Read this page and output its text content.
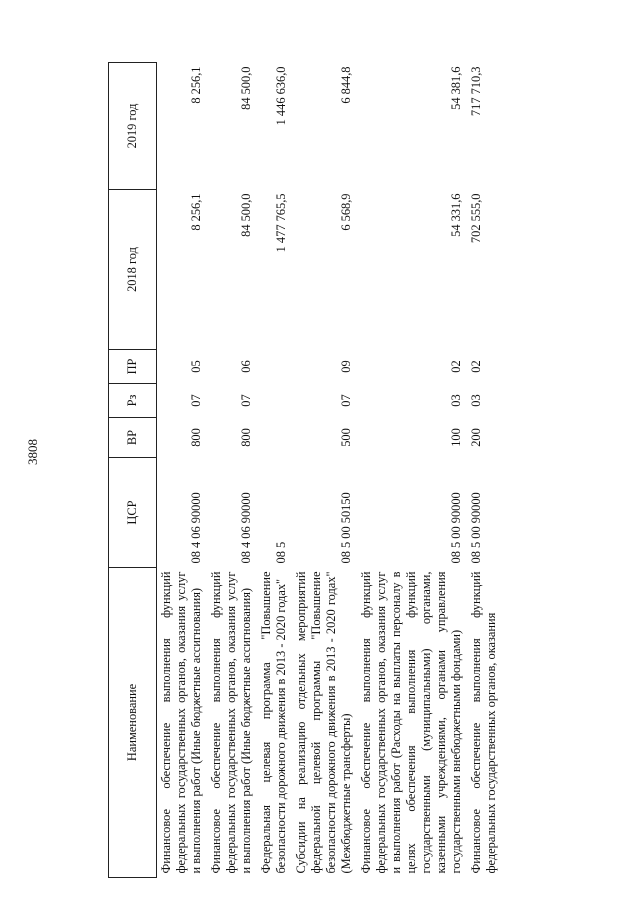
3808
Наименование	ЦСР	ВР	Рз	ПР	2018 год	2019 год
Финансовое обеспечение выполнения функций федеральных государственных органов, оказания услуг и выполнения работ (Иные бюджетные ассигнования)	08 4 06 90000	800	07	05	8 256,1	8 256,1
Финансовое обеспечение выполнения функций федеральных государственных органов, оказания услуг и выполнения работ (Иные бюджетные ассигнования)	08 4 06 90000	800	07	06	84 500,0	84 500,0
Федеральная целевая программа "Повышение безопасности дорожного движения в 2013 - 2020 годах"	08 5				1 477 765,5	1 446 636,0
Субсидии на реализацию отдельных мероприятий федеральной целевой программы "Повышение безопасности дорожного движения в 2013 - 2020 годах" (Межбюджетные трансферты)	08 5 00 50150	500	07	09	6 568,9	6 844,8
Финансовое обеспечение выполнения функций федеральных государственных органов, оказания услуг и выполнения работ (Расходы на выплаты персоналу в целях обеспечения выполнения функций государственными (муниципальными) органами, казенными учреждениями, органами управления государственными внебюджетными фондами)	08 5 00 90000	100	03	02	54 331,6	54 381,6
Финансовое обеспечение выполнения функций федеральных государственных органов, оказания	08 5 00 90000	200	03	02	702 555,0	717 710,3
